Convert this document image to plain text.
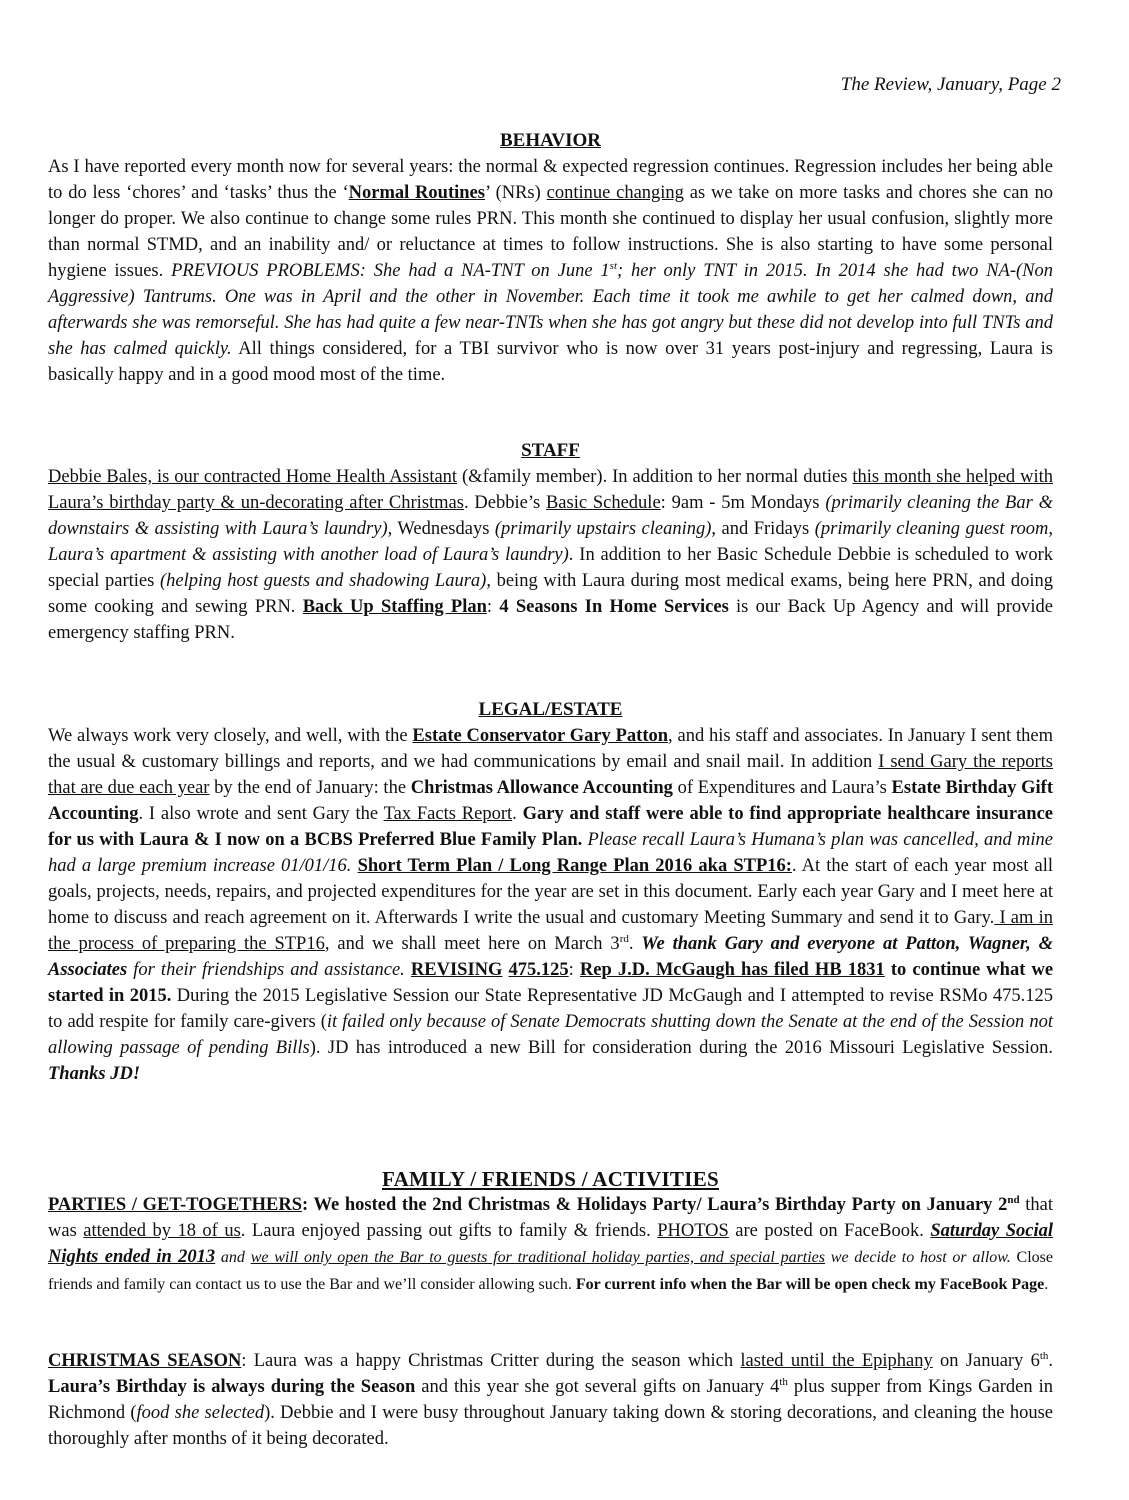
The Review, January, Page 2
BEHAVIOR

As I have reported every month now for several years: the normal & expected regression continues. Regression includes her being able to do less ‘chores’ and ‘tasks’ thus the ‘Normal Routines’ (NRs) continue changing as we take on more tasks and chores she can no longer do proper. We also continue to change some rules PRN. This month she continued to display her usual confusion, slightly more than normal STMD, and an inability and/ or reluctance at times to follow instructions. She is also starting to have some personal hygiene issues. PREVIOUS PROBLEMS: She had a NA-TNT on June 1st; her only TNT in 2015. In 2014 she had two NA-(Non Aggressive) Tantrums. One was in April and the other in November. Each time it took me awhile to get her calmed down, and afterwards she was remorseful. She has had quite a few near-TNTs when she has got angry but these did not develop into full TNTs and she has calmed quickly. All things considered, for a TBI survivor who is now over 31 years post-injury and regressing, Laura is basically happy and in a good mood most of the time.

STAFF

Debbie Bales, is our contracted Home Health Assistant (&family member). In addition to her normal duties this month she helped with Laura’s birthday party & un-decorating after Christmas. Debbie’s Basic Schedule: 9am - 5m Mondays (primarily cleaning the Bar & downstairs & assisting with Laura’s laundry), Wednesdays (primarily upstairs cleaning), and Fridays (primarily cleaning guest room, Laura’s apartment & assisting with another load of Laura’s laundry). In addition to her Basic Schedule Debbie is scheduled to work special parties (helping host guests and shadowing Laura), being with Laura during most medical exams, being here PRN, and doing some cooking and sewing PRN. Back Up Staffing Plan: 4 Seasons In Home Services is our Back Up Agency and will provide emergency staffing PRN.

LEGAL/ESTATE

We always work very closely, and well, with the Estate Conservator Gary Patton, and his staff and associates. In January I sent them the usual & customary billings and reports, and we had communications by email and snail mail. In addition I send Gary the reports that are due each year by the end of January: the Christmas Allowance Accounting of Expenditures and Laura’s Estate Birthday Gift Accounting. I also wrote and sent Gary the Tax Facts Report. Gary and staff were able to find appropriate healthcare insurance for us with Laura & I now on a BCBS Preferred Blue Family Plan. Please recall Laura’s Humana’s plan was cancelled, and mine had a large premium increase 01/01/16. Short Term Plan / Long Range Plan 2016 aka STP16:. At the start of each year most all goals, projects, needs, repairs, and projected expenditures for the year are set in this document. Early each year Gary and I meet here at home to discuss and reach agreement on it. Afterwards I write the usual and customary Meeting Summary and send it to Gary. I am in the process of preparing the STP16, and we shall meet here on March 3rd. We thank Gary and everyone at Patton, Wagner, & Associates for their friendships and assistance. REVISING 475.125: Rep J.D. McGaugh has filed HB 1831 to continue what we started in 2015. During the 2015 Legislative Session our State Representative JD McGaugh and I attempted to revise RSMo 475.125 to add respite for family care-givers (it failed only because of Senate Democrats shutting down the Senate at the end of the Session not allowing passage of pending Bills). JD has introduced a new Bill for consideration during the 2016 Missouri Legislative Session. Thanks JD!

FAMILY / FRIENDS / ACTIVITIES

PARTIES / GET-TOGETHERS: We hosted the 2nd Christmas & Holidays Party/ Laura’s Birthday Party on January 2nd that was attended by 18 of us. Laura enjoyed passing out gifts to family & friends. PHOTOS are posted on FaceBook. Saturday Social Nights ended in 2013 and we will only open the Bar to guests for traditional holiday parties, and special parties we decide to host or allow. Close friends and family can contact us to use the Bar and we’ll consider allowing such. For current info when the Bar will be open check my FaceBook Page.

CHRISTMAS SEASON: Laura was a happy Christmas Critter during the season which lasted until the Epiphany on January 6th. Laura’s Birthday is always during the Season and this year she got several gifts on January 4th plus supper from Kings Garden in Richmond (food she selected). Debbie and I were busy throughout January taking down & storing decorations, and cleaning the house thoroughly after months of it being decorated.
